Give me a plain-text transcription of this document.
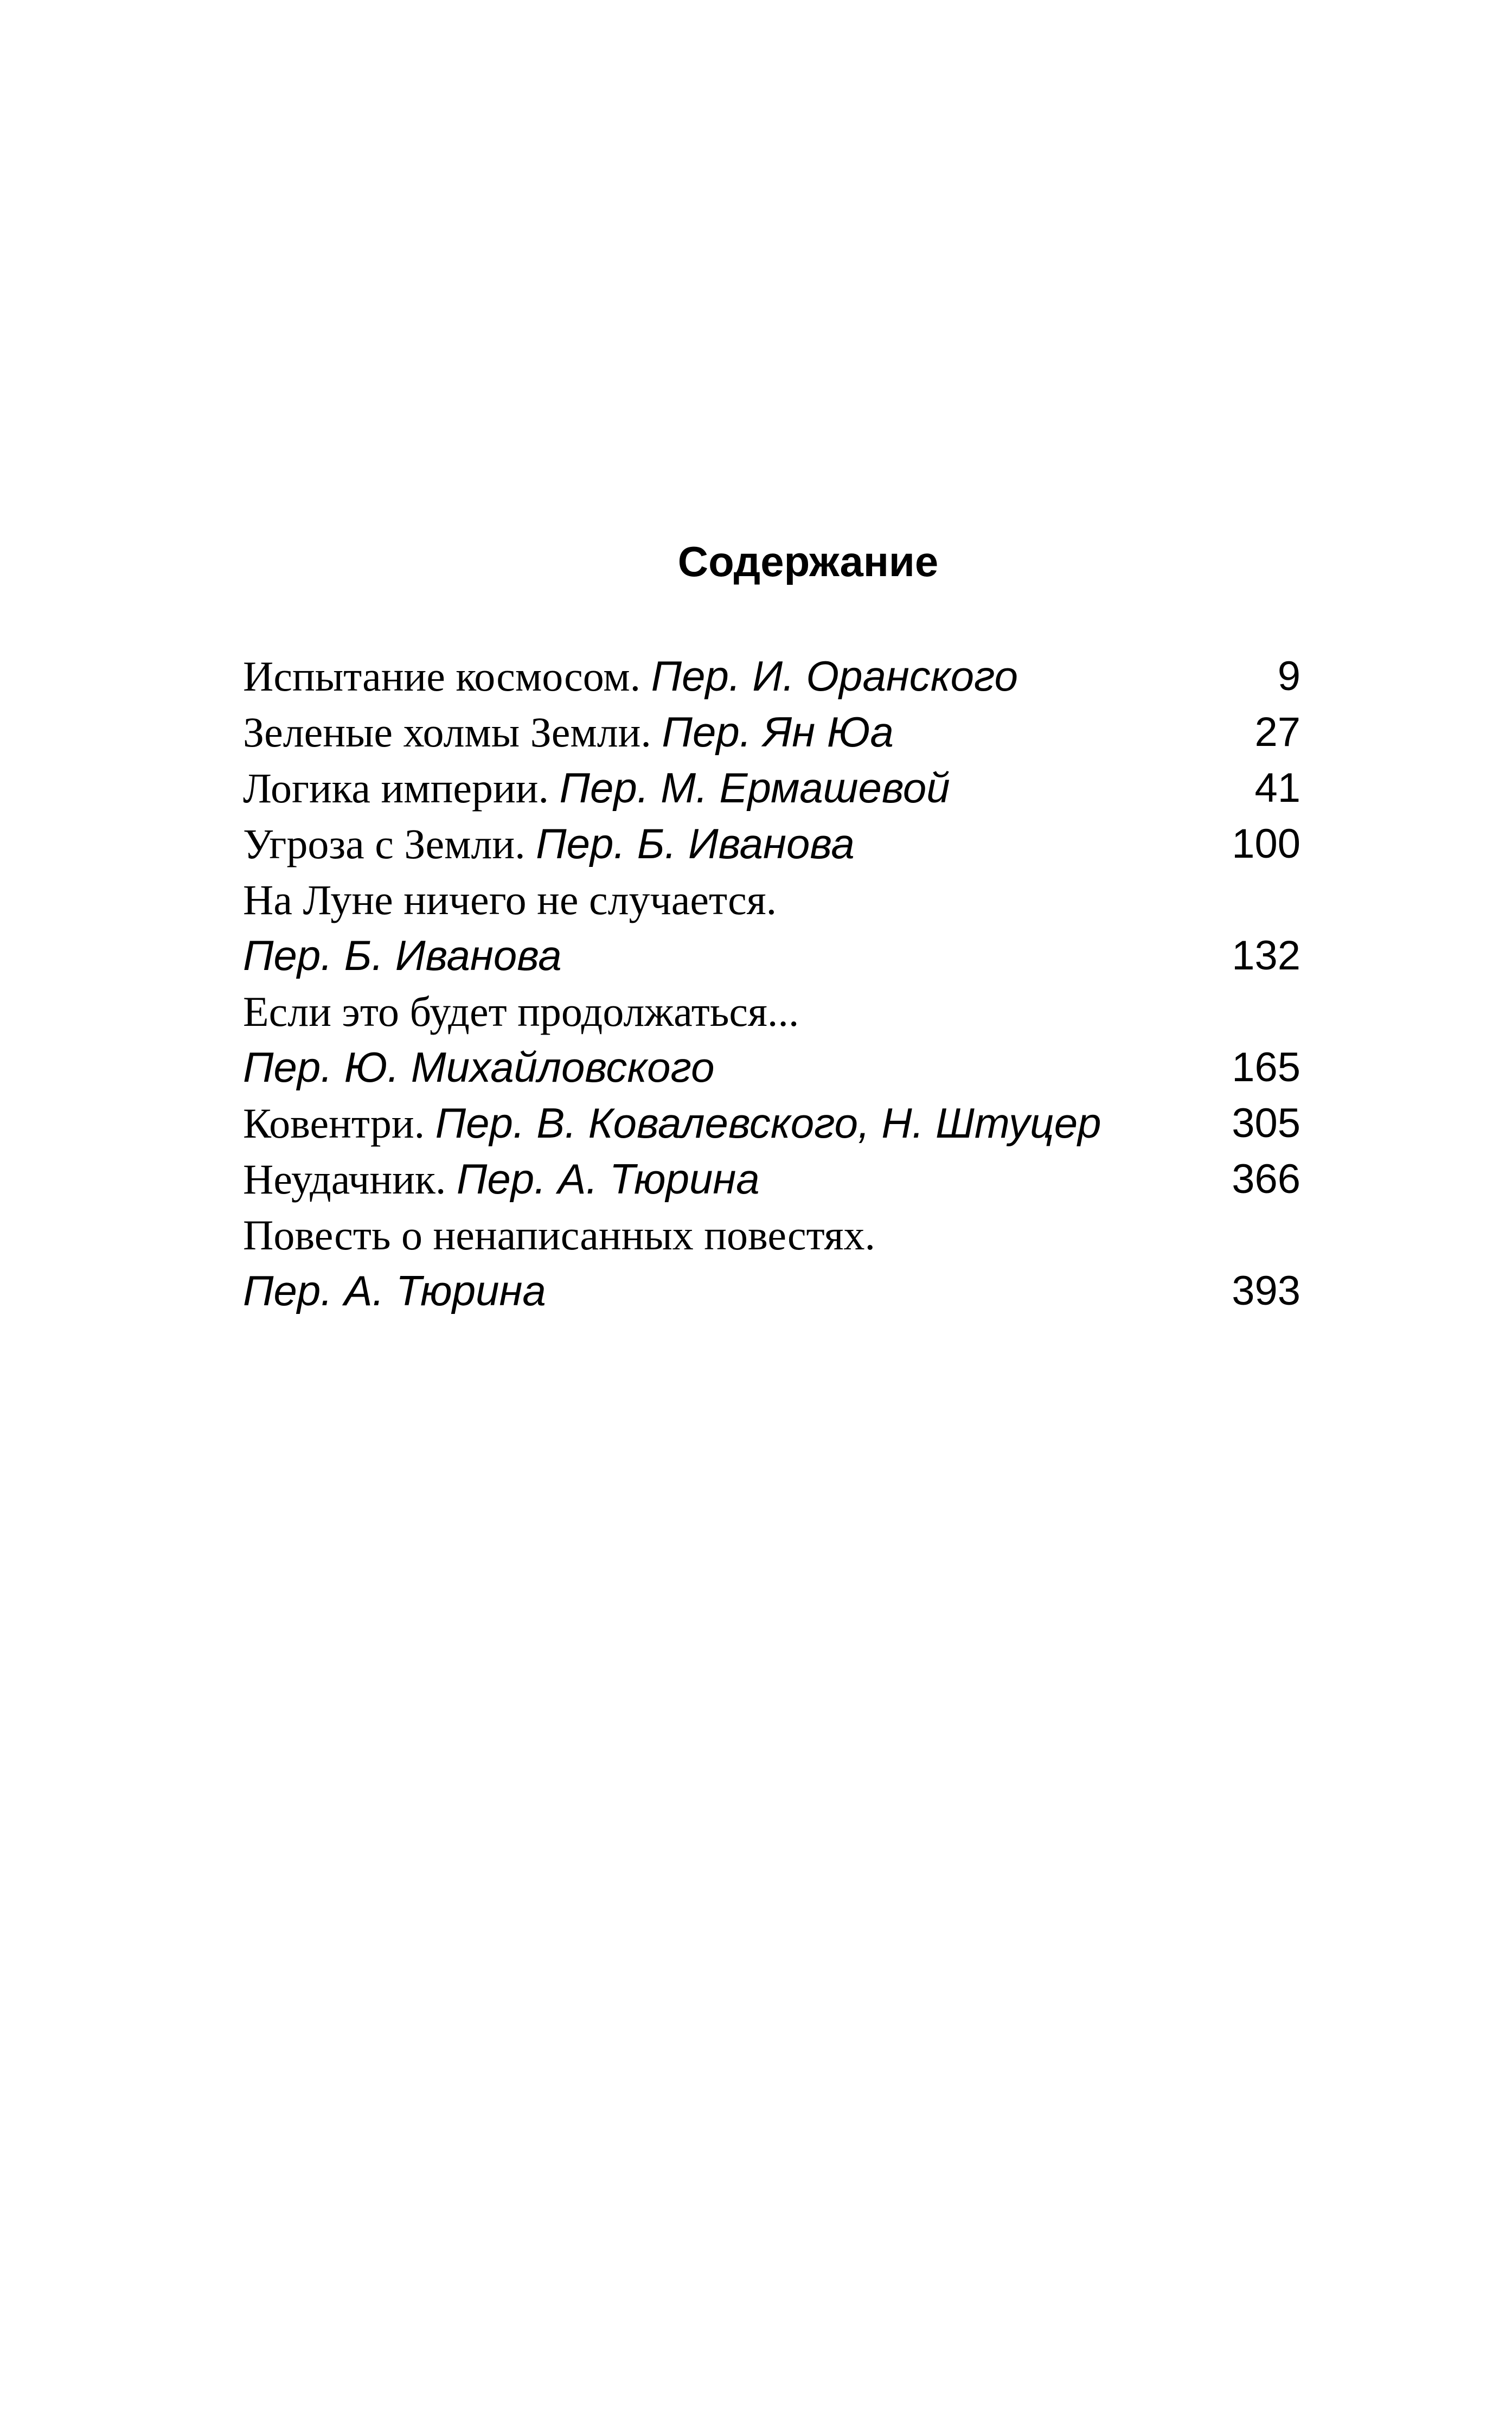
Содержание
Испытание космосом. Пер. И. Оранского	9
Зеленые холмы Земли. Пер. Ян Юа	27
Логика империи. Пер. М. Ермашевой	41
Угроза с Земли. Пер. Б. Иванова	100
На Луне ничего не случается.
Пер. Б. Иванова	132
Если это будет продолжаться...
Пер. Ю. Михайловского	165
Ковентри. Пер. В. Ковалевского, Н. Штуцер	305
Неудачник. Пер. А. Тюрина	366
Повесть о ненаписанных повестях.
Пер. А. Тюрина	393
